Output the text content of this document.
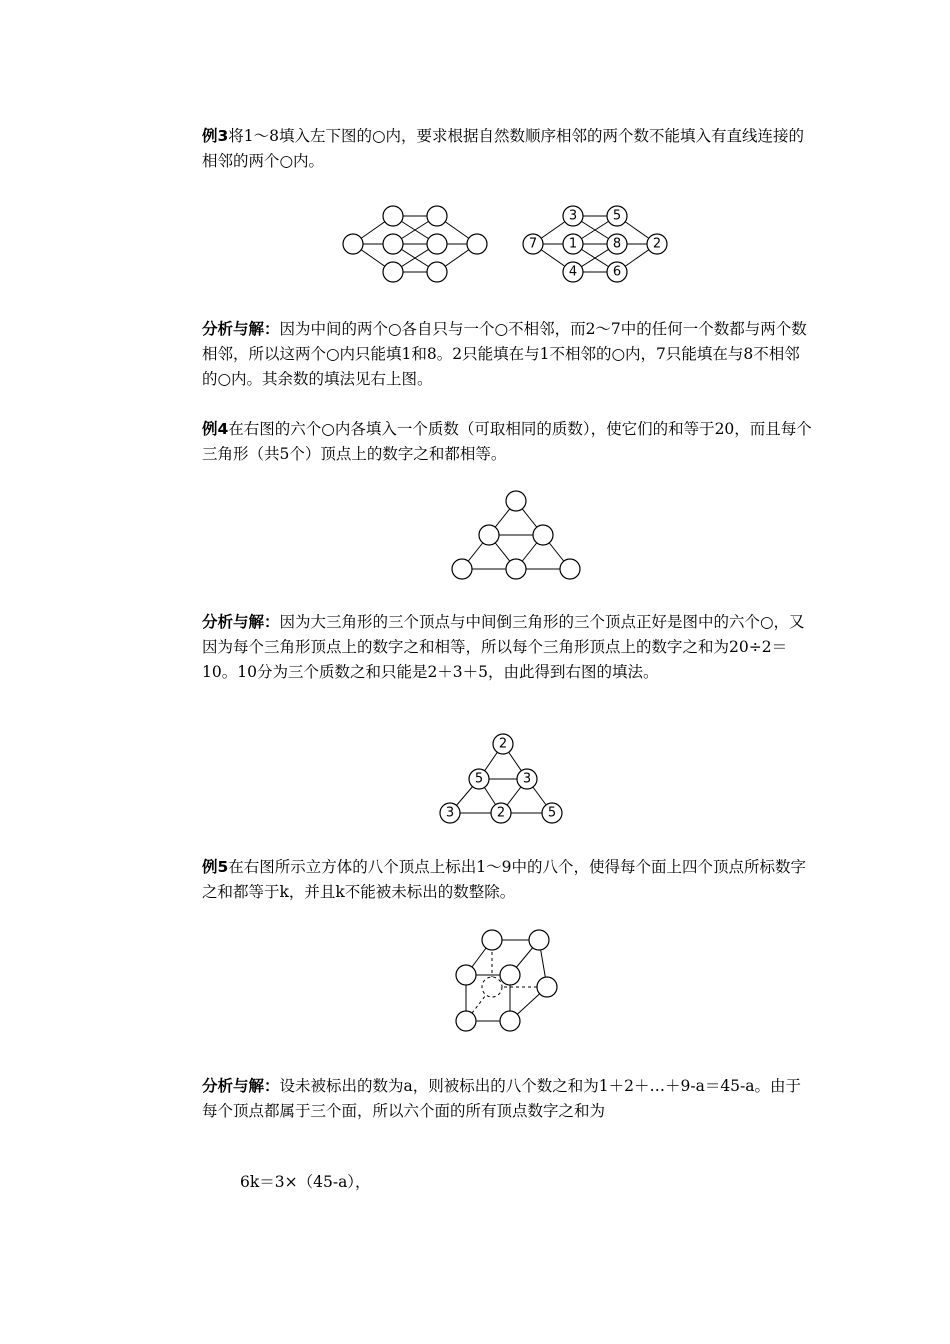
例3将1～8填入左下图的○内，要求根据自然数顺序相邻的两个数不能填入有直线连接的相邻的两个○内。

3	5
7 1	8 2
4	6

分析与解：因为中间的两个○各自只与一个○不相邻，而2～7中的任何一个数都与两个数相邻，所以这两个○内只能填1和8。2只能填在与1不相邻的○内，7只能填在与8不相邻的○内。其余数的填法见右上图。

例4在右图的六个○内各填入一个质数（可取相同的质数），使它们的和等于20，而且每个三角形（共5个）顶点上的数字之和都相等。

分析与解：因为大三角形的三个顶点与中间倒三角形的三个顶点正好是图中的六个○，又因为每个三角形顶点上的数字之和相等，所以每个三角形顶点上的数字之和为20÷2＝10。10分为三个质数之和只能是2＋3＋5，由此得到右图的填法。

2
5	3
3	2	5

例5在右图所示立方体的八个顶点上标出1～9中的八个，使得每个面上四个顶点所标数字之和都等于k，并且k不能被未标出的数整除。

分析与解：设未被标出的数为a，则被标出的八个数之和为1＋2＋…＋9-a＝45-a。由于每个顶点都属于三个面，所以六个面的所有顶点数字之和为

6k＝3×（45-a），
